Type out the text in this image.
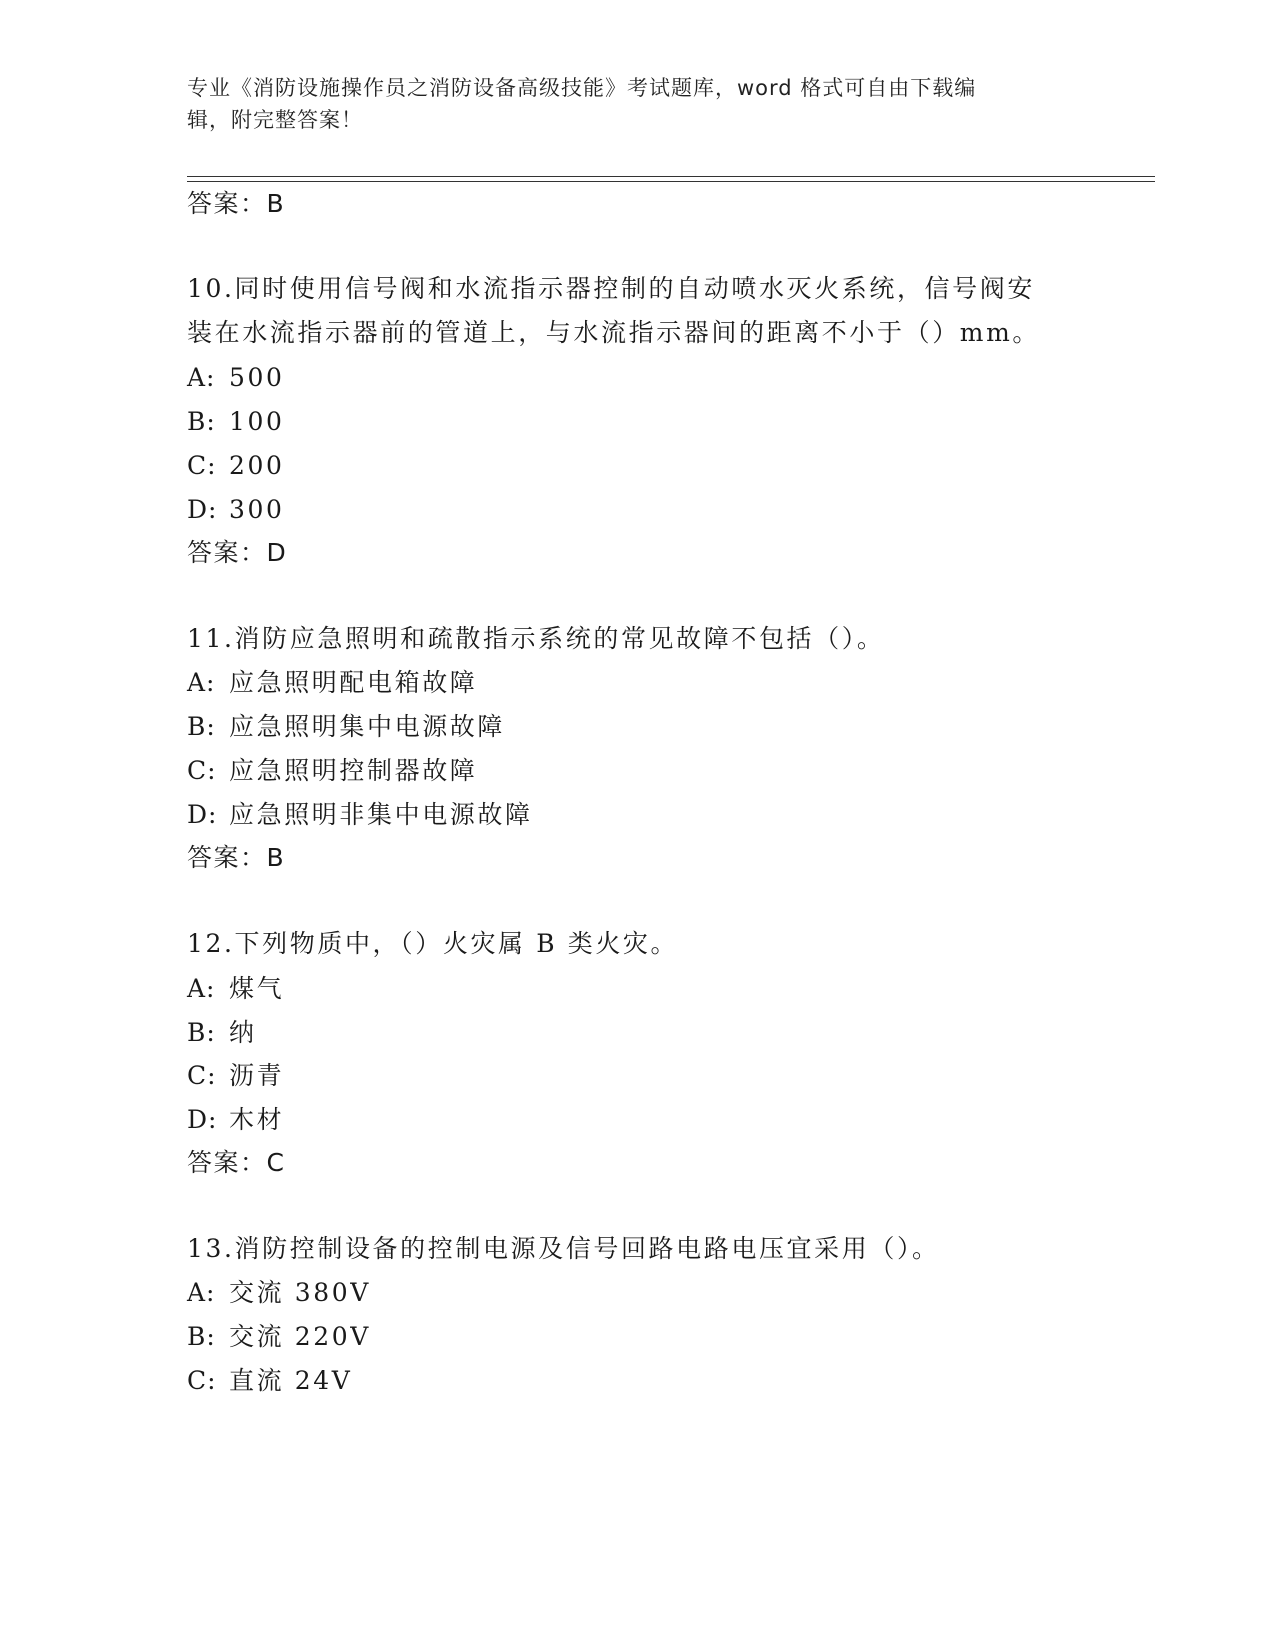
专业《消防设施操作员之消防设备高级技能》考试题库，word 格式可自由下载编
辑，附完整答案！
答案：B
10.同时使用信号阀和水流指示器控制的自动喷水灭火系统，信号阀安
装在水流指示器前的管道上，与水流指示器间的距离不小于（）mm。
A: 500
B: 100
C: 200
D: 300
答案：D
11.消防应急照明和疏散指示系统的常见故障不包括（）。
A: 应急照明配电箱故障
B: 应急照明集中电源故障
C: 应急照明控制器故障
D: 应急照明非集中电源故障
答案：B
12.下列物质中，（）火灾属 B 类火灾。
A: 煤气
B: 纳
C: 沥青
D: 木材
答案：C
13.消防控制设备的控制电源及信号回路电路电压宜采用（）。
A: 交流 380V
B: 交流 220V
C: 直流 24V
